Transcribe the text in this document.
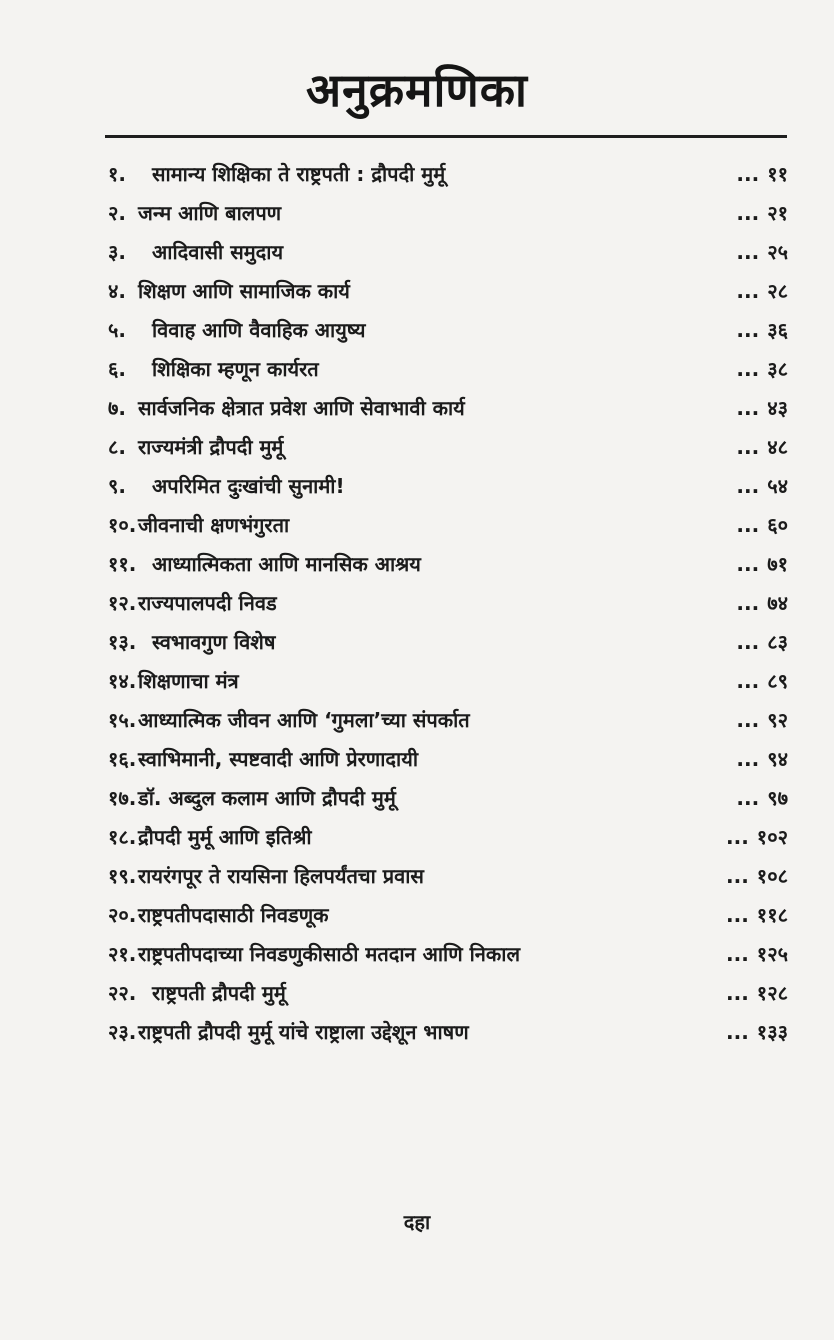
अनुक्रमणिका
१. सामान्य शिक्षिका ते राष्ट्रपती : द्रौपदी मुर्मू	... ११
२. जन्म आणि बालपण	... २१
३. आदिवासी समुदाय	... २५
४. शिक्षण आणि सामाजिक कार्य	... २८
५. विवाह आणि वैवाहिक आयुष्य	... ३६
६. शिक्षिका म्हणून कार्यरत	... ३८
७. सार्वजनिक क्षेत्रात प्रवेश आणि सेवाभावी कार्य	... ४३
८. राज्यमंत्री द्रौपदी मुर्मू	... ४८
९. अपरिमित दुःखांची सुनामी!	... ५४
१०. जीवनाची क्षणभंगुरता	... ६०
११. आध्यात्मिकता आणि मानसिक आश्रय	... ७१
१२. राज्यपालपदी निवड	... ७४
१३. स्वभावगुण विशेष	... ८३
१४. शिक्षणाचा मंत्र	... ८९
१५. आध्यात्मिक जीवन आणि ‘गुमला’च्या संपर्कात	... ९२
१६. स्वाभिमानी, स्पष्टवादी आणि प्रेरणादायी	... ९४
१७. डॉ. अब्दुल कलाम आणि द्रौपदी मुर्मू	... ९७
१८. द्रौपदी मुर्मू आणि इतिश्री	... १०२
१९. रायरंगपूर ते रायसिना हिलपर्यंतचा प्रवास	... १०८
२०. राष्ट्रपतीपदासाठी निवडणूक	... ११८
२१. राष्ट्रपतीपदाच्या निवडणुकीसाठी मतदान आणि निकाल	... १२५
२२. राष्ट्रपती द्रौपदी मुर्मू	... १२८
२३. राष्ट्रपती द्रौपदी मुर्मू यांचे राष्ट्राला उद्देशून भाषण	... १३३
दहा
